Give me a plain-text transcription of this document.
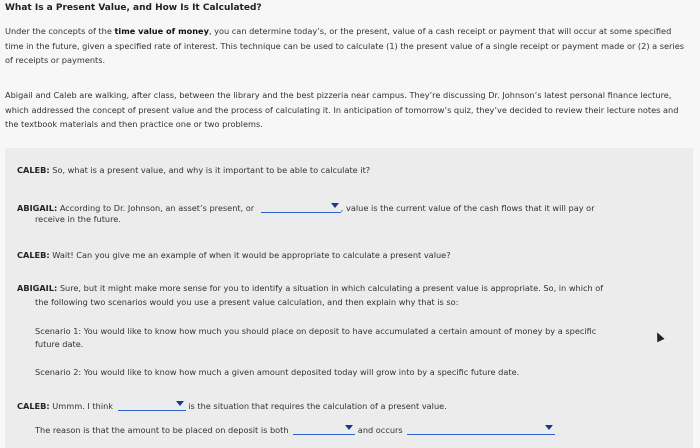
What Is a Present Value, and How Is It Calculated?
Under the concepts of the time value of money, you can determine today’s, or the present, value of a cash receipt or payment that will occur at some specified time in the future, given a specified rate of interest. This technique can be used to calculate (1) the present value of a single receipt or payment made or (2) a series of receipts or payments.
Abigail and Caleb are walking, after class, between the library and the best pizzeria near campus. They’re discussing Dr. Johnson’s latest personal finance lecture, which addressed the concept of present value and the process of calculating it. In anticipation of tomorrow’s quiz, they’ve decided to review their lecture notes and the textbook materials and then practice one or two problems.
CALEB: So, what is a present value, and why is it important to be able to calculate it?
ABIGAIL: According to Dr. Johnson, an asset’s present, or	, value is the current value of the cash flows that it will pay or
receive in the future.
CALEB: Wait! Can you give me an example of when it would be appropriate to calculate a present value?
ABIGAIL: Sure, but it might make more sense for you to identify a situation in which calculating a present value is appropriate. So, in which of
the following two scenarios would you use a present value calculation, and then explain why that is so:
Scenario 1: You would like to know how much you should place on deposit to have accumulated a certain amount of money by a specific
future date.
Scenario 2: You would like to know how much a given amount deposited today will grow into by a specific future date.
CALEB: Ummm. I think	is the situation that requires the calculation of a present value.
The reason is that the amount to be placed on deposit is both	and occurs
